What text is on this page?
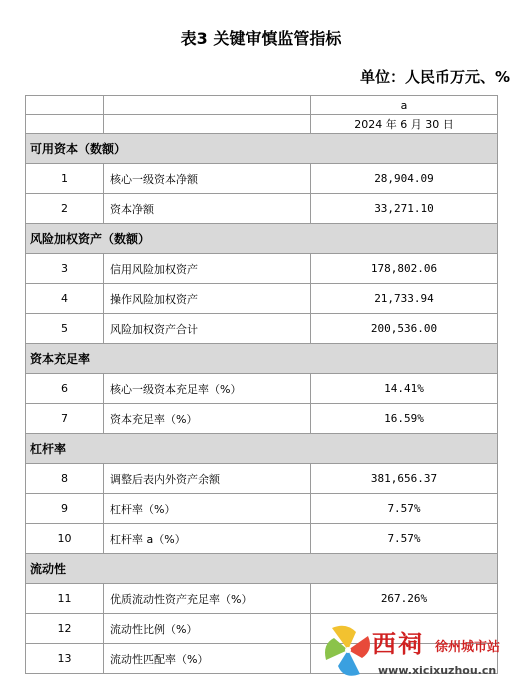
表3 关键审慎监管指标
单位：人民币万元、%
		a
		2024 年 6 月 30 日
可用资本（数额）		
1	核心一级资本净额	28,904.09
2	资本净额	33,271.10
风险加权资产（数额）		
3	信用风险加权资产	178,802.06
4	操作风险加权资产	21,733.94
5	风险加权资产合计	200,536.00
资本充足率		
6	核心一级资本充足率（%）	14.41%
7	资本充足率（%）	16.59%
杠杆率		
8	调整后表内外资产余额	381,656.37
9	杠杆率（%）	7.57%
10	杠杆率 a（%）	7.57%
流动性		
11	优质流动性资产充足率（%）	267.26%
12	流动性比例（%）	
13	流动性匹配率（%）	
西祠 徐州城市站
www.xicixuzhou.cn
